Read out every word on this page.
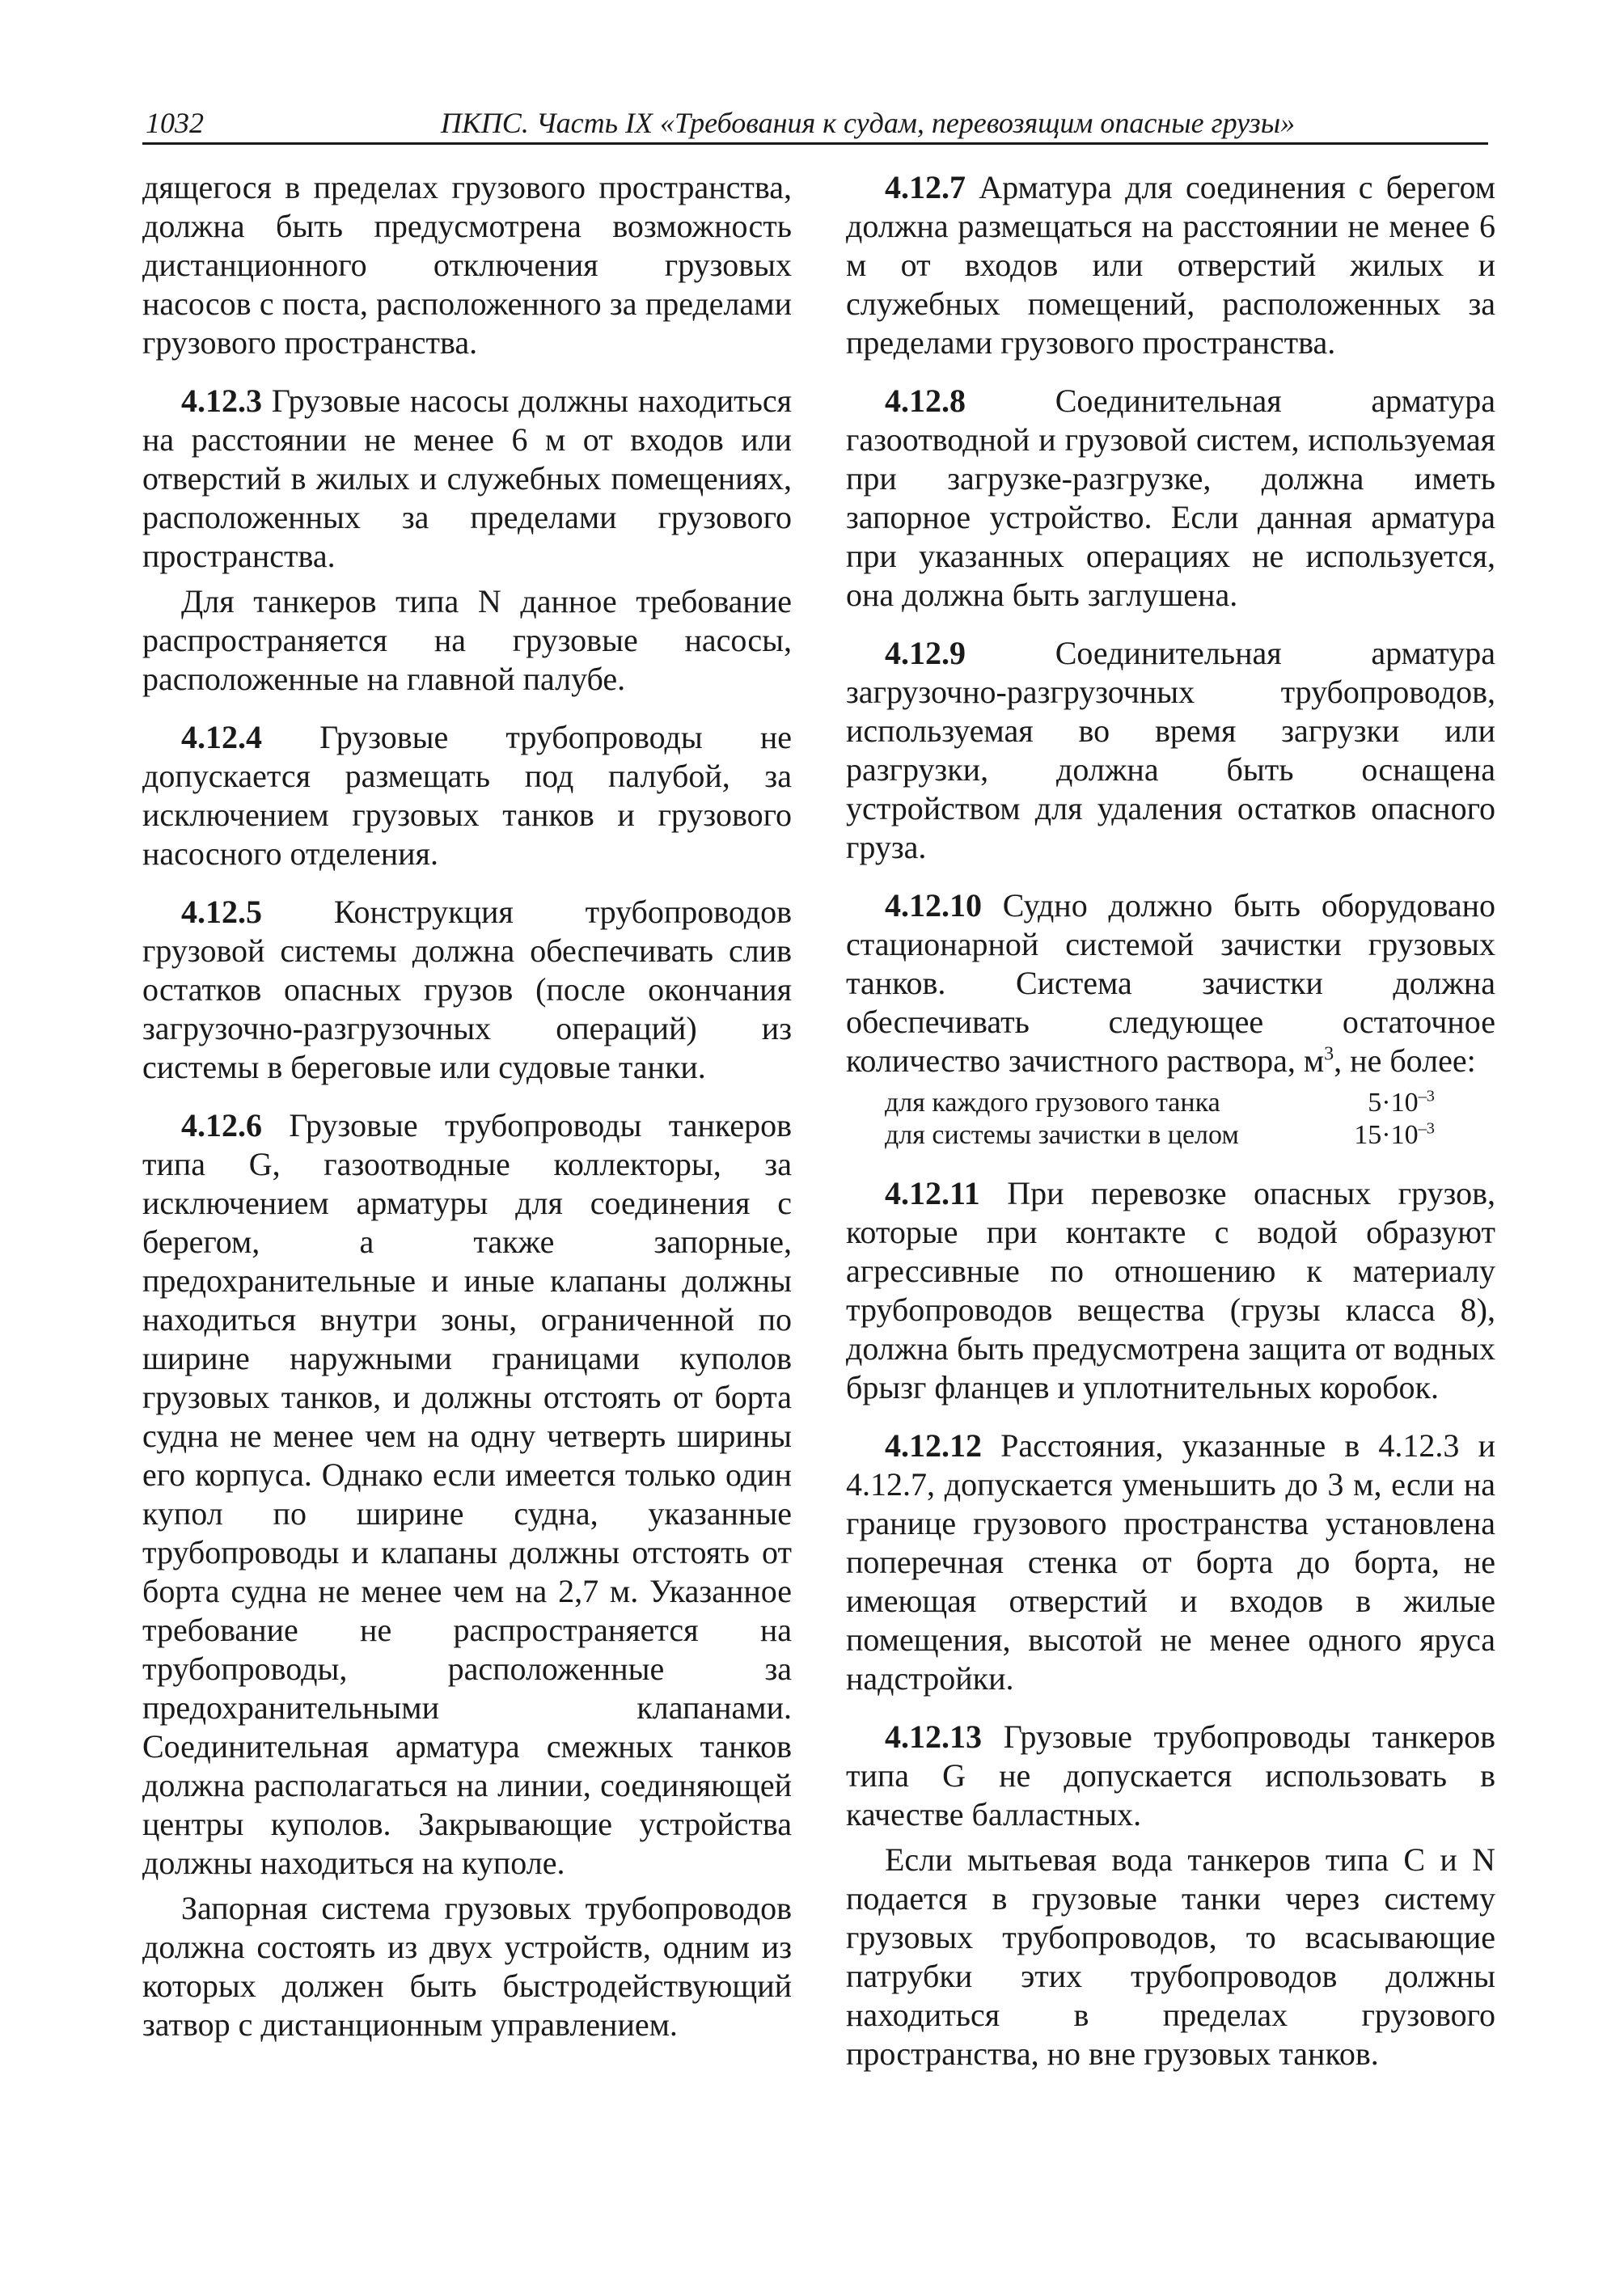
1032	ПКПС. Часть IX «Требования к судам, перевозящим опасные грузы»

дящегося в пределах грузового пространства, должна быть предусмотрена возможность дистанционного отключения грузовых насосов с поста, расположенного за пределами грузового пространства.

4.12.3 Грузовые насосы должны находиться на расстоянии не менее 6 м от входов или отверстий в жилых и служебных помещениях, расположенных за пределами грузового пространства.

Для танкеров типа N данное требование распространяется на грузовые насосы, расположенные на главной палубе.

4.12.4 Грузовые трубопроводы не допускается размещать под палубой, за исключением грузовых танков и грузового насосного отделения.

4.12.5 Конструкция трубопроводов грузовой системы должна обеспечивать слив остатков опасных грузов (после окончания загрузочно-разгрузочных операций) из системы в береговые или судовые танки.

4.12.6 Грузовые трубопроводы танкеров типа G, газоотводные коллекторы, за исключением арматуры для соединения с берегом, а также запорные, предохранительные и иные клапаны должны находиться внутри зоны, ограниченной по ширине наружными границами куполов грузовых танков, и должны отстоять от борта судна не менее чем на одну четверть ширины его корпуса. Однако если имеется только один купол по ширине судна, указанные трубопроводы и клапаны должны отстоять от борта судна не менее чем на 2,7 м. Указанное требование не распространяется на трубопроводы, расположенные за предохранительными клапанами. Соединительная арматура смежных танков должна располагаться на линии, соединяющей центры куполов. Закрывающие устройства должны находиться на куполе.

Запорная система грузовых трубопроводов должна состоять из двух устройств, одним из которых должен быть быстродействующий затвор с дистанционным управлением.

4.12.7 Арматура для соединения с берегом должна размещаться на расстоянии не менее 6 м от входов или отверстий жилых и служебных помещений, расположенных за пределами грузового пространства.

4.12.8	Соединительная арматура газоотводной и грузовой систем, используемая при загрузке-разгрузке, должна иметь запорное устройство. Если данная арматура при указанных операциях не используется, она должна быть заглушена.

4.12.9	Соединительная арматура загрузочно-разгрузочных трубопроводов, используемая во время загрузки или разгрузки, должна быть оснащена устройством для удаления остатков опасного груза.

4.12.10 Судно должно быть оборудовано стационарной системой зачистки грузовых танков. Система зачистки должна обеспечивать следующее остаточное количество зачистного раствора, $м^3$, не более:

для каждого грузового танка	$5\cdot 10^{-3}$
для системы зачистки в целом	$15\cdot 10^{-3}$

4.12.11 При перевозке опасных грузов, которые при контакте с водой образуют агрессивные по отношению к материалу трубопроводов вещества (грузы класса 8), должна быть предусмотрена защита от водных брызг фланцев и уплотнительных коробок.

4.12.12 Расстояния, указанные в 4.12.3 и 4.12.7, допускается уменьшить до 3 м, если на границе грузового пространства установлена поперечная стенка от борта до борта, не имеющая отверстий и входов в жилые помещения, высотой не менее одного яруса надстройки.

4.12.13 Грузовые трубопроводы танкеров типа G не допускается использовать в качестве балластных.

Если мытьевая вода танкеров типа C и N подается в грузовые танки через систему грузовых трубопроводов, то всасывающие патрубки этих трубопроводов должны находиться в пределах грузового пространства, но вне грузовых танков.
